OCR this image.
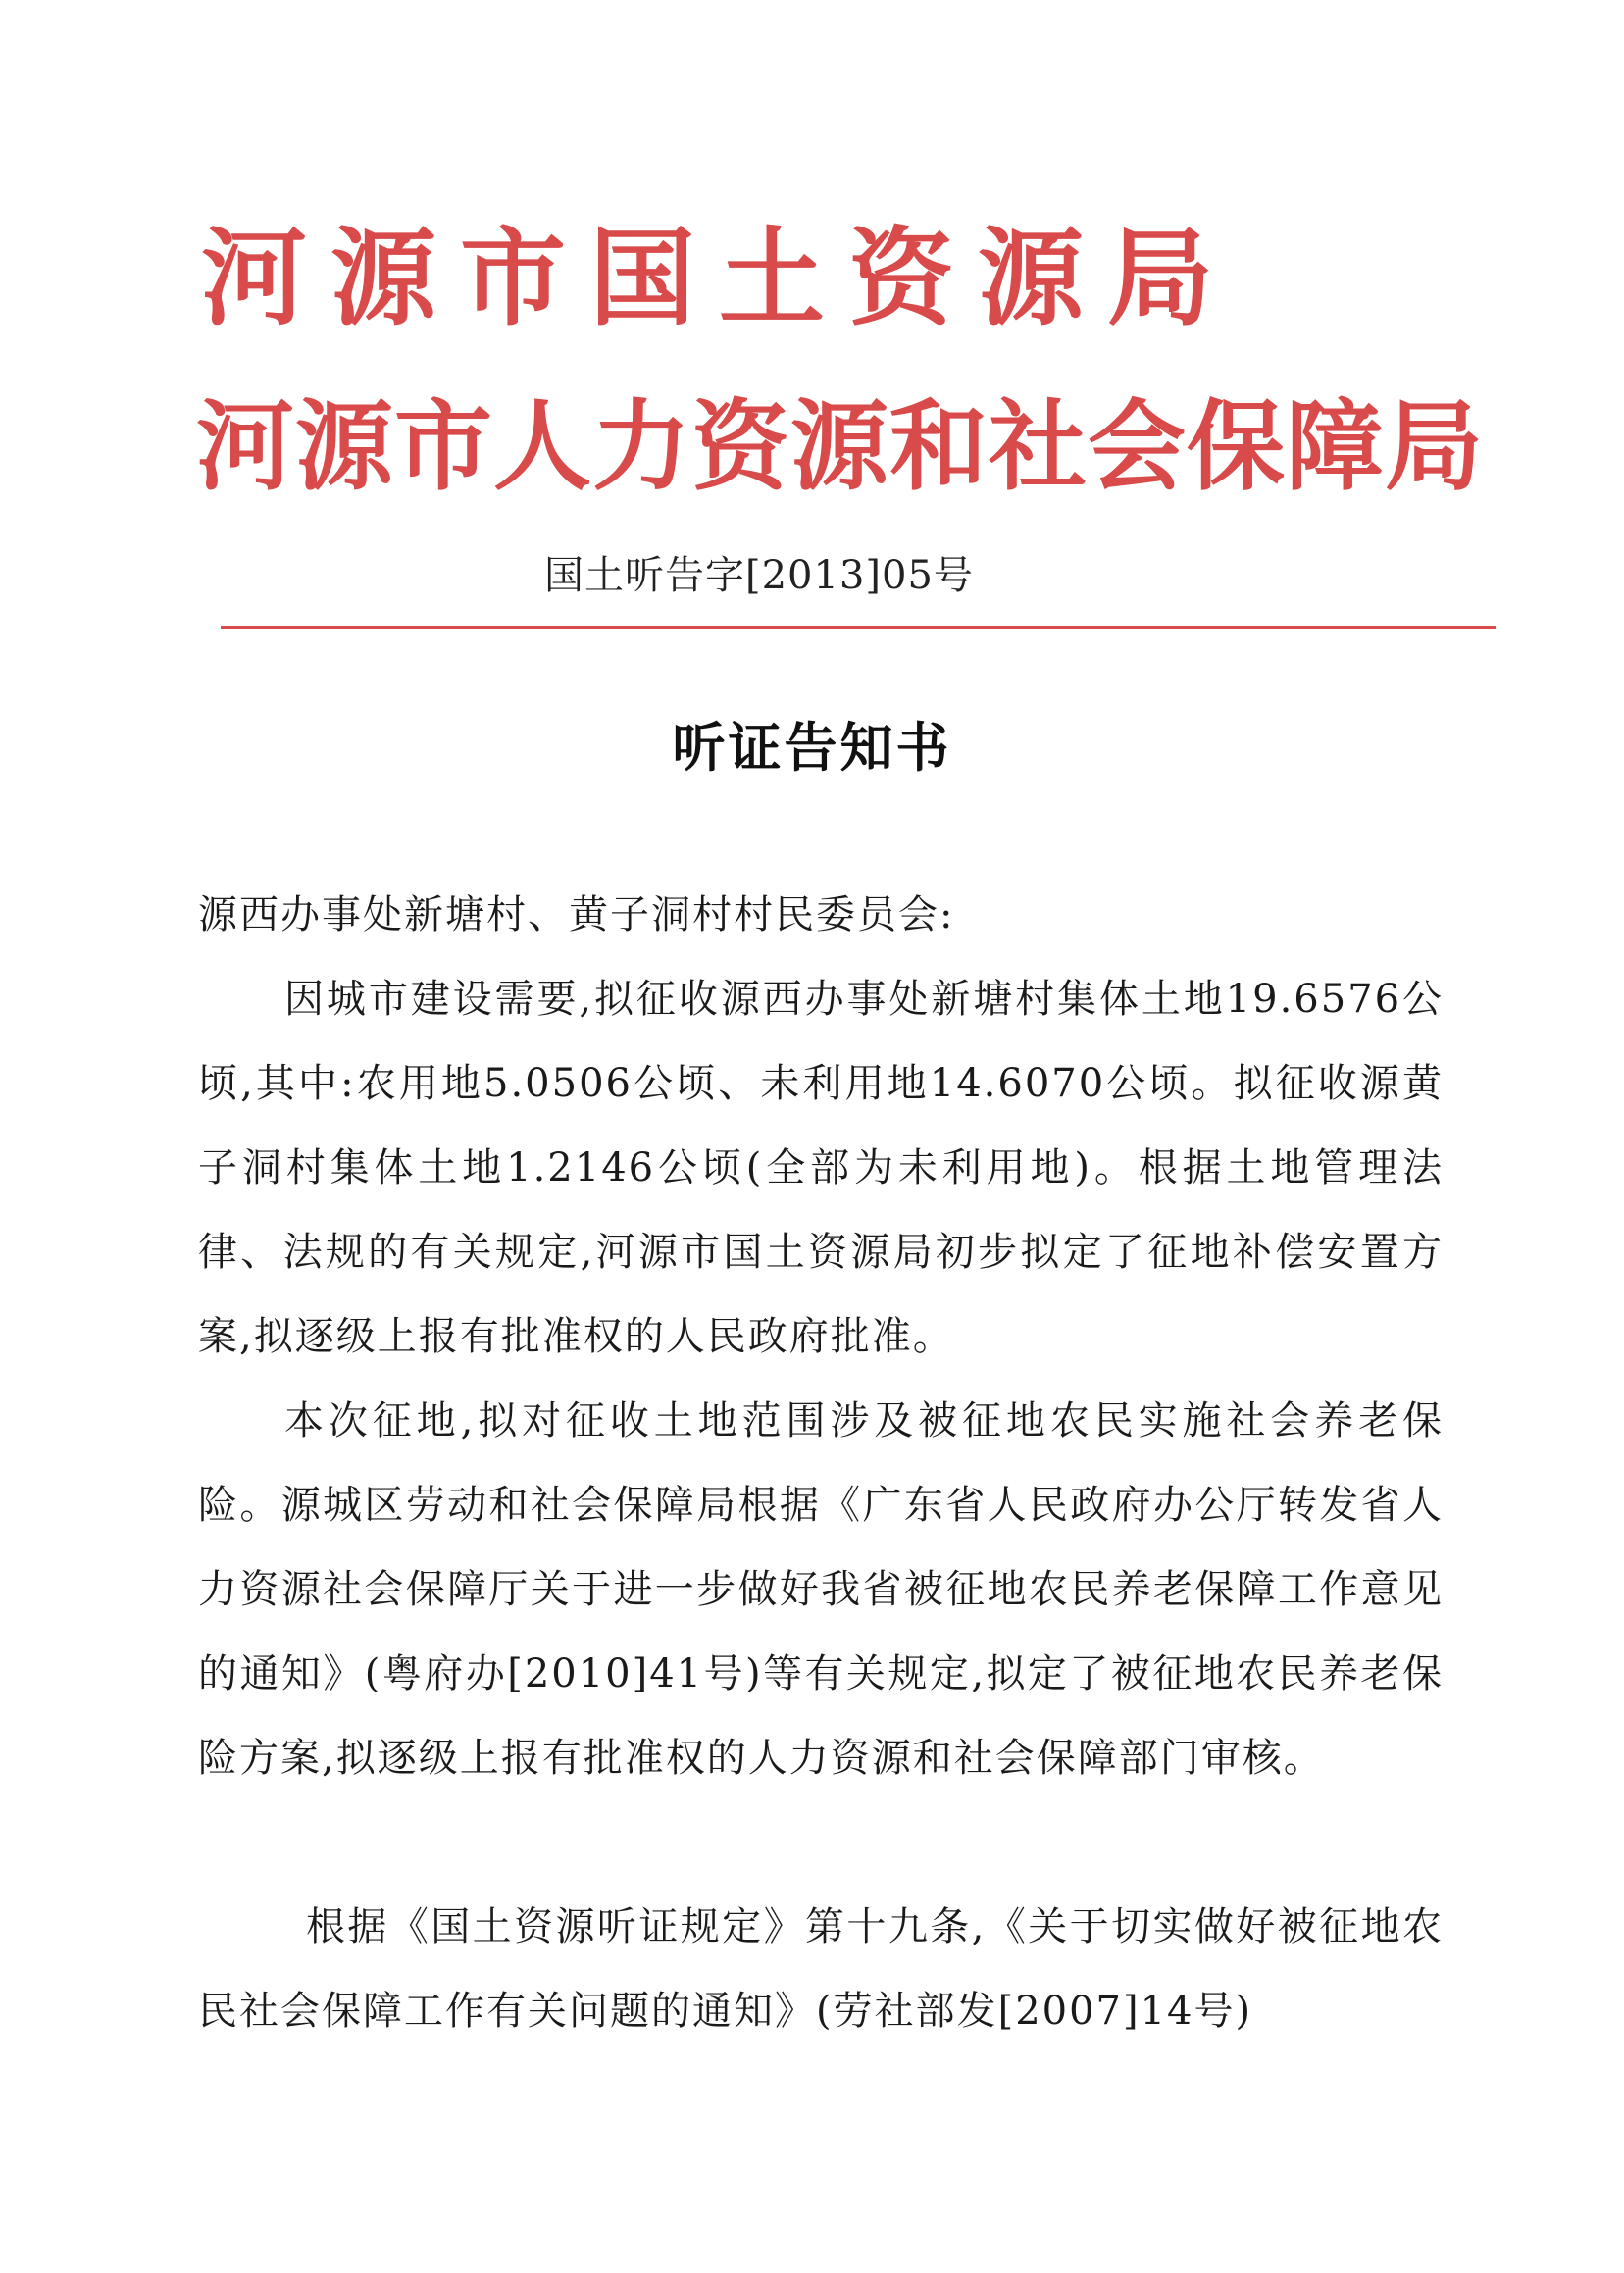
河源市国土资源局
河源市人力资源和社会保障局
国土听告字[2013]05号
听证告知书
源西办事处新塘村、黄子洞村村民委员会:
因城市建设需要,拟征收源西办事处新塘村集体土地19.6576公顷,其中:农用地5.0506公顷、未利用地14.6070公顷。拟征收源黄子洞村集体土地1.2146公顷(全部为未利用地)。根据土地管理法律、法规的有关规定,河源市国土资源局初步拟定了征地补偿安置方案,拟逐级上报有批准权的人民政府批准。
本次征地,拟对征收土地范围涉及被征地农民实施社会养老保险。源城区劳动和社会保障局根据《广东省人民政府办公厅转发省人力资源社会保障厅关于进一步做好我省被征地农民养老保障工作意见的通知》(粤府办[2010]41号)等有关规定,拟定了被征地农民养老保险方案,拟逐级上报有批准权的人力资源和社会保障部门审核。
根据《国土资源听证规定》第十九条,《关于切实做好被征地农民社会保障工作有关问题的通知》(劳社部发[2007]14号)
